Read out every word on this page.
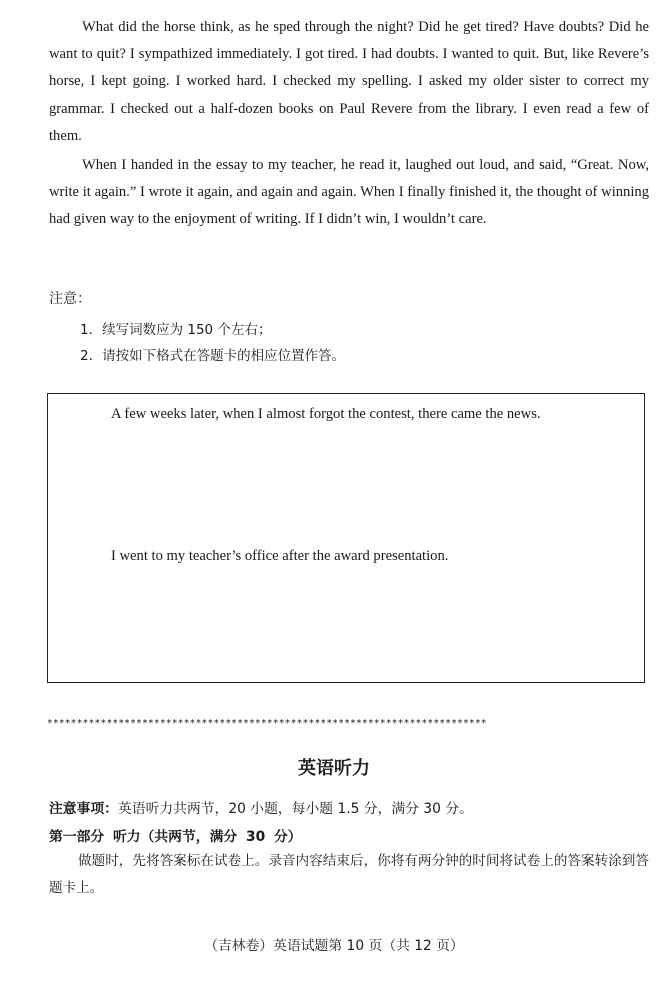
What did the horse think, as he sped through the night? Did he get tired? Have doubts? Did he want to quit? I sympathized immediately. I got tired. I had doubts. I wanted to quit. But, like Revere’s horse, I kept going. I worked hard. I checked my spelling. I asked my older sister to correct my grammar. I checked out a half-dozen books on Paul Revere from the library. I even read a few of them.

When I handed in the essay to my teacher, he read it, laughed out loud, and said, “Great. Now, write it again.” I wrote it again, and again and again. When I finally finished it, the thought of winning had given way to the enjoyment of writing. If I didn’t win, I wouldn’t care.

注意：
1．续写词数应为 150 个左右；
2．请按如下格式在答题卡的相应位置作答。
A few weeks later, when I almost forgot the contest, there came the news.
I went to my teacher’s office after the award presentation.
**************************************************************************
英语听力
注意事项：英语听力共两节，20 小题，每小题 1.5 分，满分 30 分。
第一部分 听力（共两节，满分 30 分）

做题时，先将答案标在试卷上。录音内容结束后，你将有两分钟的时间将试卷上的答案转涂到答题卡上。

（吉林卷）英语试题第 10 页（共 12 页）
